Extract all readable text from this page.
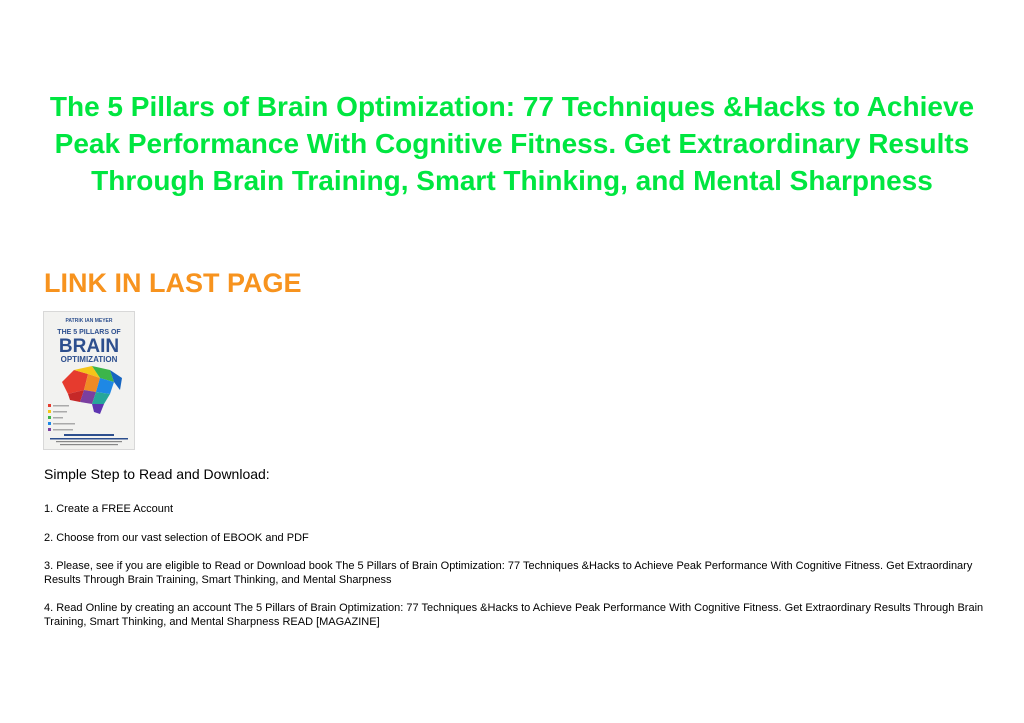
The 5 Pillars of Brain Optimization: 77 Techniques &Hacks to Achieve Peak Performance With Cognitive Fitness. Get Extraordinary Results Through Brain Training, Smart Thinking, and Mental Sharpness
LINK IN LAST PAGE
PATRIK IAN MEYER
THE 5 PILLARS OF
BRAIN
OPTIMIZATION

Simple Step to Read and Download:

1. Create a FREE Account

2. Choose from our vast selection of EBOOK and PDF

3. Please, see if you are eligible to Read or Download book The 5 Pillars of Brain Optimization: 77 Techniques &Hacks to Achieve Peak Performance With Cognitive Fitness. Get Extraordinary Results Through Brain Training, Smart Thinking, and Mental Sharpness

4. Read Online by creating an account The 5 Pillars of Brain Optimization: 77 Techniques &Hacks to Achieve Peak Performance With Cognitive Fitness. Get Extraordinary Results Through Brain Training, Smart Thinking, and Mental Sharpness READ [MAGAZINE]
